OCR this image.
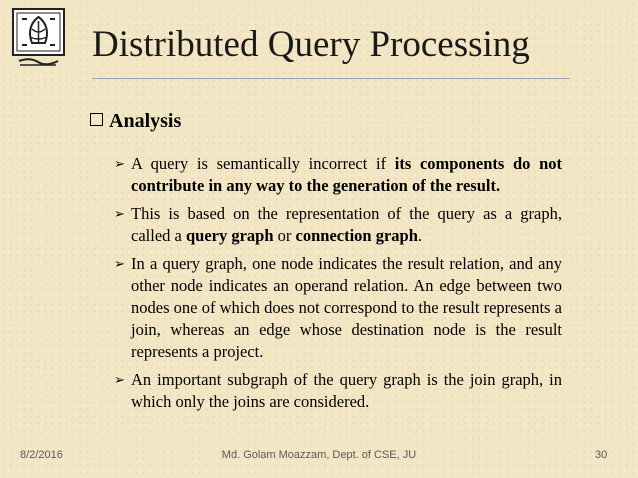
Distributed Query Processing
Analysis
➢ A query is semantically incorrect if its components do not contribute in any way to the generation of the result.
➢ This is based on the representation of the query as a graph, called a query graph or connection graph.
➢ In a query graph, one node indicates the result relation, and any other node indicates an operand relation. An edge between two nodes one of which does not correspond to the result represents a join, whereas an edge whose destination node is the result represents a project.
➢ An important subgraph of the query graph is the join graph, in which only the joins are considered.
8/2/2016	Md. Golam Moazzam, Dept. of CSE, JU	30
